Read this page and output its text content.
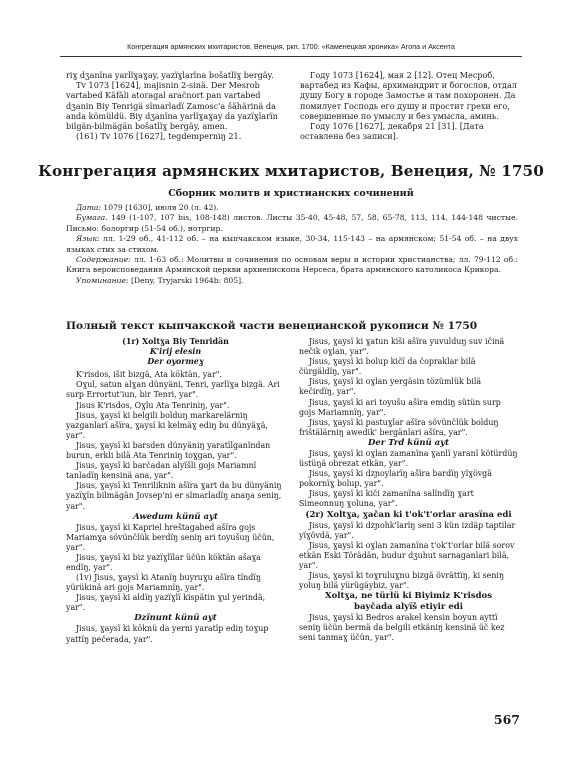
Конгрегация армянских мхитаристов, Венеция, ркп. 1700: «Каменецкая хроника» Агопа и Аксента
riɣ dʒanïna yarlïɣaɣay, yazïɣlarïna bošatlïɣ bergäy.
Tv 1073 [1624], majisnin 2-sinä. Der Mesrob vartabed Käfäli atoragal aračnort pan vartabed dʒanin Biy Tenrigä sïmarladï Zamosc'a šähärinä da anda kömüldü. Biy dʒanïna yarlïɣaɣay da yazïɣlarïn bilgän-bilmägän bošatlïɣ bergäy, amen.
(161) Tv 1076 [1627], tegdemperniŋ 21.
Году 1073 [1624], мая 2 [12]. Отец Месроб, вартабед из Кафы, архимандрит и богослов, отдал душу Богу в городе Замостье и там похоронен. Да помилует Господь его душу и простит грехи его, совершенные по умыслу и без умысла, аминь.
Году 1076 [1627], декабря 21 [31]. [Дата оставлена без записи].
Конгрегация армянских мхитаристов, Венеция, № 1750
Сборник молитв и христианских сочинений
Дата: 1079 [1630], июля 20 (л. 42).
Бумага. 149 (1-107, 107 bis, 108-148) листов. Листы 35-40, 45-48, 57, 58, 65-78, 113, 114, 144-148 чистые. Письмо: болоргир (51-54 об.), нотргир.
Язык: лл. 1-29 об., 41-112 об. – на кыпчакском языке, 30-34, 115-143 – на армянском; 51-54 об. – на двух языках стих за стихом.
Содержание: лл. 1-63 об.: Молитвы и сочинения по основам веры и истории христианства; лл. 79-112 об.: Книга вероисповедания Армянской церкви архиепископа Нерсеса, брата армянского католикоса Крикора.
Упоминание: [Deny, Tryjarski 1964b: 805].
Полный текст кыпчакской части венецианской рукописи № 1750
(1r) Xoltɣa Biy Tenridän
K'irij ełesin
Der oyormeɣ
K'risdos, išit bizgä, Ata köktän, yar".
Oɣul, satun alɣan dünyäni, Tenri, yarlïɣa bizgä. Ari surp Errortut'iun, bir Tenri, yar".
Jisus K'risdos, Oɣlu Ata Tenriniŋ, yar".
Jisus, ɣaysï ki belgili bolduŋ markarelärniŋ yazganlarï ašïra, ɣaysï ki kelmäɣ ediŋ bu dünyäɣä, yar".
Jisus, ɣaysï ki barsden dünyäniŋ yaratïlganïndan burun, erkli bilä Ata Tenriniŋ toɣgan, yar".
Jisus, ɣaysï ki barčadan alyïšli gojs Mariamnï tanladïŋ kensinä ana, yar".
Jisus, ɣaysï ki Tenriliknin ašïra ɣart da bu dünyäniŋ yazïɣïn bilmägän Jovsep'ni er sïmarladïŋ anaŋa seniŋ, yar".
Awedum künü ayt
Jisus, ɣaysï ki Kapriel hreštagabed ašïra gojs Mariamɣa sövünčlük berdïŋ seniŋ ari toyušuŋ üčün, yar".
Jisus, ɣaysï ki biz yazïɣlïlar üčün köktän ašaɣa endïŋ, yar".
(1v) Jisus, ɣaysï ki Atanïŋ buyruɣu ašïra tïndïŋ yürükinä ari gojs Mariamnïŋ, yar".
Jisus, ɣaysï ki aldïŋ yazïɣlï kispätin ɣul yerindä, yar".
Dzïnunt künü ayt
Jisus, ɣaysï ki köknü da yerni yaratïp ediŋ toɣup yattïŋ pečerada, yar".
Jisus, ɣaysï ki ɣatun kiši ašïra yuvulduŋ suv ičinä nečik oɣlan, yar".
Jisus, ɣaysï ki bolup kičï da čopraklar bilä čürgäldïŋ, yar".
Jisus, ɣaysï ki oɣlan yergäsin tözümlük bilä kečirdïŋ, yar".
Jisus, ɣaysï ki ari toyušu ašïra emdiŋ sütün surp gojs Mariamnïŋ, yar".
Jisus, ɣaysï ki pastuɣlar ašïra sövünčlük bolduŋ frištälärniŋ awedik' bergänlari ašïra, yar".
Der Trd künü ayt
Jisus, ɣaysï ki oɣlan zamanïna ɣanlï yaranï kötürdüŋ üstüŋä obrezat etkän, yar".
Jisus, ɣaysï ki dzɲoylarïŋ ašïra bardïŋ yïɣövgä pokornïɣ bolup, yar".
Jisus, ɣaysï ki kiči zamanïna salïndïŋ ɣart Simeonnuŋ ɣoluna, yar".
(2r) Xoltɣa, ɣačan ki t'ok't'orlar arasïna edi
Jisus, ɣaysï ki dzɲohk'larïŋ seni 3 kün izdäp taptilar yïɣövdä, yar".
Jisus, ɣaysï ki oɣlan zamanïna t'ok't'orlar bilä sorov etkän Eski Törädän, budur dʒuhut sarnaganlari bilä, yar".
Jisus, ɣaysï ki toɣruluɣnu bizgä övrättïŋ, ki seniŋ yoluŋ bilä yürügäybiz, yar".
Xoltɣa, ne türlü ki Biyimiz K'risdos
bayčada alyïš etiyir edi
Jisus, ɣaysï ki Bedros arakel kensin boyun ayttï seniŋ üčün bermä da belgili etkäniŋ kensinä üč kez seni tanmaɣ üčün, yar".
567
